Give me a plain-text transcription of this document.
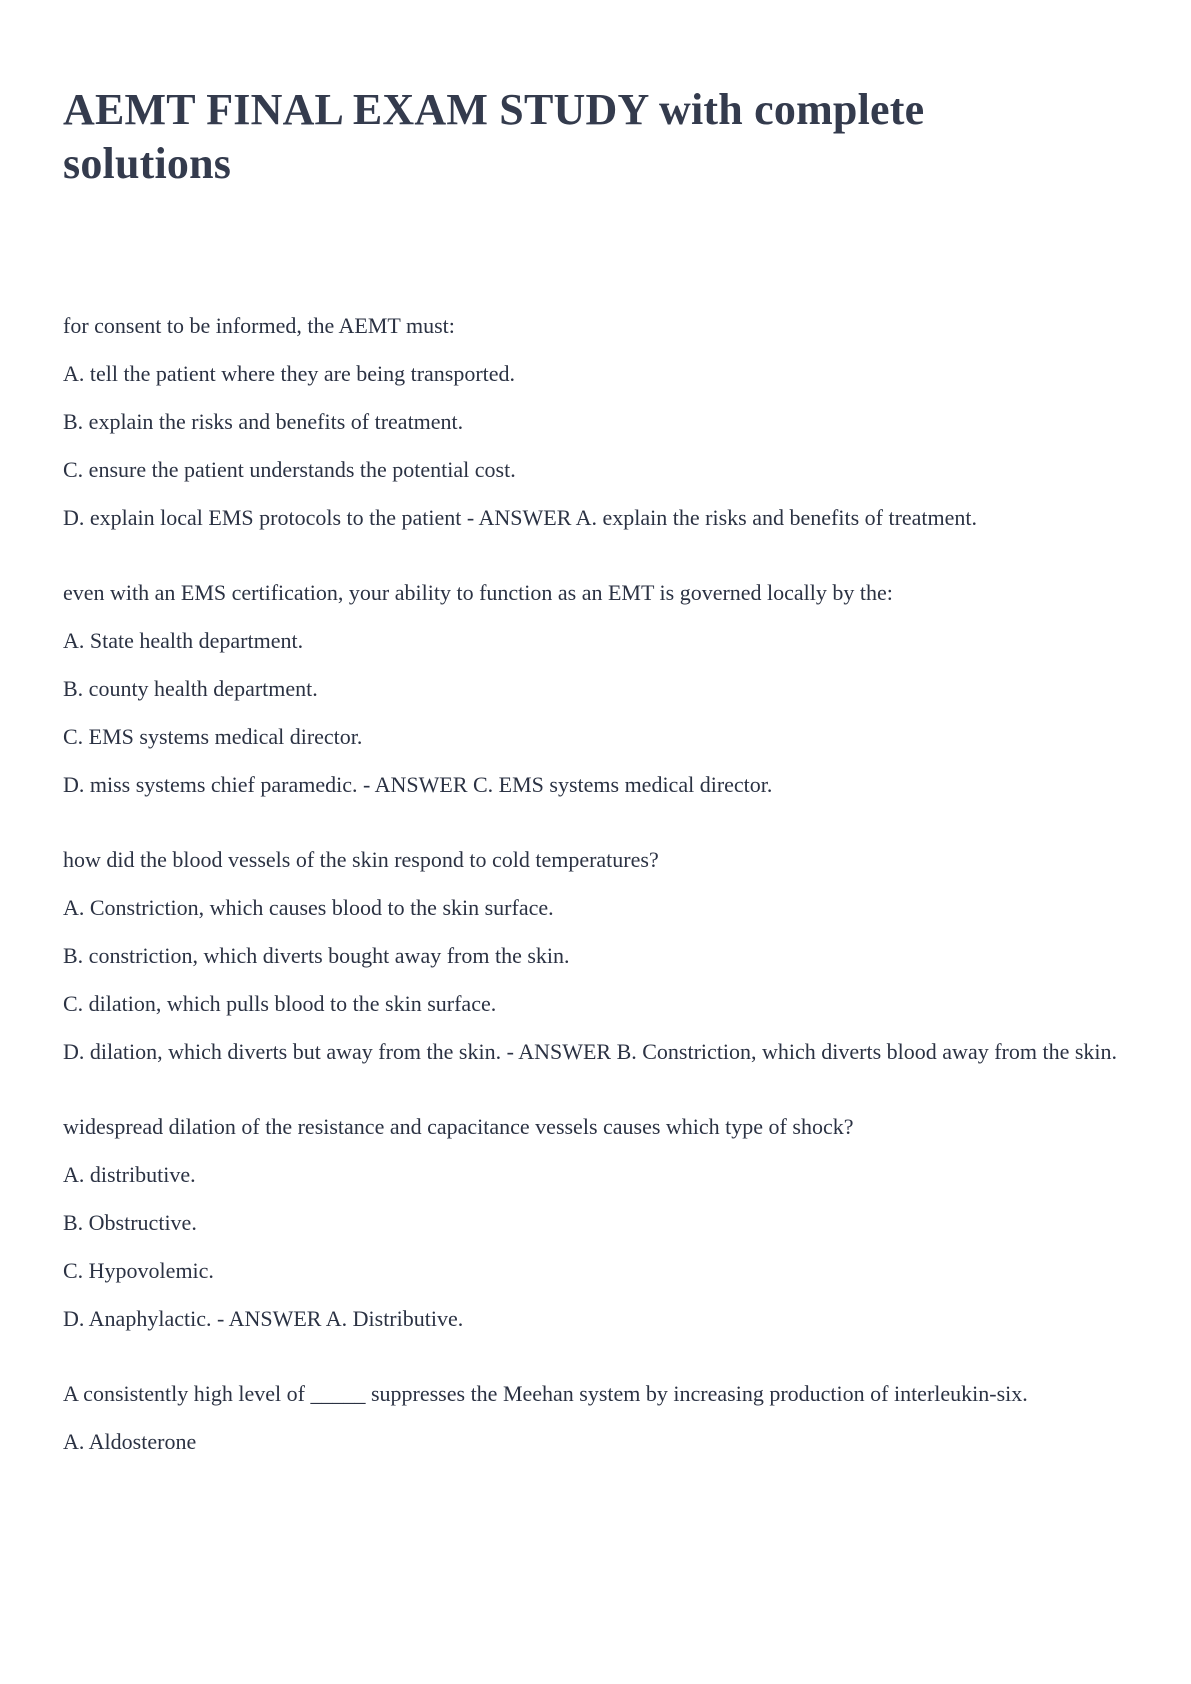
AEMT FINAL EXAM STUDY with complete
solutions

for consent to be informed, the AEMT must:

A. tell the patient where they are being transported.

B. explain the risks and benefits of treatment.

C. ensure the patient understands the potential cost.

D. explain local EMS protocols to the patient - ANSWER A. explain the risks and benefits of treatment.

even with an EMS certification, your ability to function as an EMT is governed locally by the:

A. State health department.

B. county health department.

C. EMS systems medical director.

D. miss systems chief paramedic. - ANSWER C. EMS systems medical director.

how did the blood vessels of the skin respond to cold temperatures?

A. Constriction, which causes blood to the skin surface.

B. constriction, which diverts bought away from the skin.

C. dilation, which pulls blood to the skin surface.

D. dilation, which diverts but away from the skin. - ANSWER B. Constriction, which diverts blood away from the skin.

widespread dilation of the resistance and capacitance vessels causes which type of shock?

A. distributive.

B. Obstructive.

C. Hypovolemic.

D. Anaphylactic. - ANSWER A. Distributive.

A consistently high level of _____ suppresses the Meehan system by increasing production of interleukin-six.

A. Aldosterone
